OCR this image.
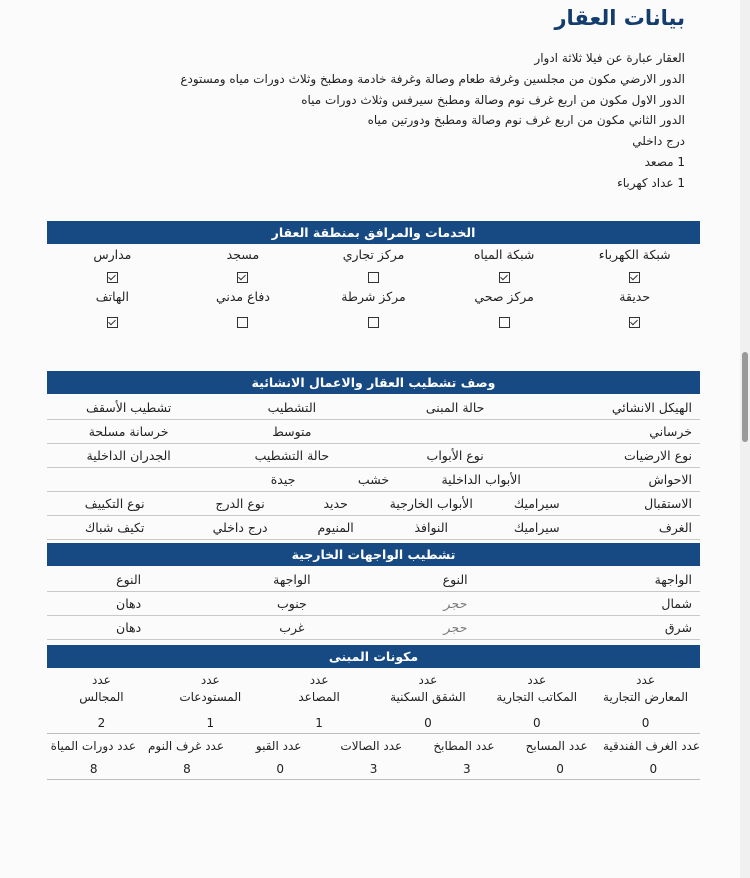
بيانات العقار
العقار عبارة عن فيلا ثلاثة ادوار
الدور الارضي مكون من مجلسين وغرفة طعام وصالة وغرفة خادمة ومطبخ وثلاث دورات مياه ومستودع
الدور الاول مكون من اربع غرف نوم وصالة ومطبخ سيرفس وثلاث دورات مياه
الدور الثاني مكون من اربع غرف نوم وصالة ومطبخ ودورتين مياه
درج داخلي
1 مصعد
1 عداد كهرباء
الخدمات والمرافق بمنطقة العقار
شبكة الكهرباء
شبكة المياه
مركز تجاري
مسجد
مدارس
حديقة
مركز صحي
مركز شرطة
دفاع مدني
الهاتف
وصف تشطيب العقار والاعمال الانشائية
الهيكل الانشائي
حالة المبنى
التشطيب
تشطيب الأسقف
خرساني
متوسط
خرسانة مسلحة
نوع الارضيات
نوع الأبواب
حالة التشطيب
الجدران الداخلية
الاحواش
الأبواب الداخلية
خشب
جيدة
الاستقبال
سيراميك
الأبواب الخارجية
حديد
نوع الدرج
نوع التكييف
الغرف
سيراميك
النوافذ
المنيوم
درج داخلي
تكيف شباك
تشطيب الواجهات الخارجية
الواجهة
النوع
الواجهة
النوع
شمال
حجر
جنوب
دهان
شرق
حجر
غرب
دهان
مكونات المبنى
عدد
المعارض التجارية
عدد
المكاتب التجارية
عدد
الشقق السكنية
عدد
المصاعد
عدد
المستودعات
عدد
المجالس
0
0
0
1
1
2
عدد الغرف الفندقية
عدد المسابح
عدد المطابخ
عدد الصالات
عدد القبو
عدد غرف النوم
عدد دورات المياة
0
0
3
3
0
8
8
